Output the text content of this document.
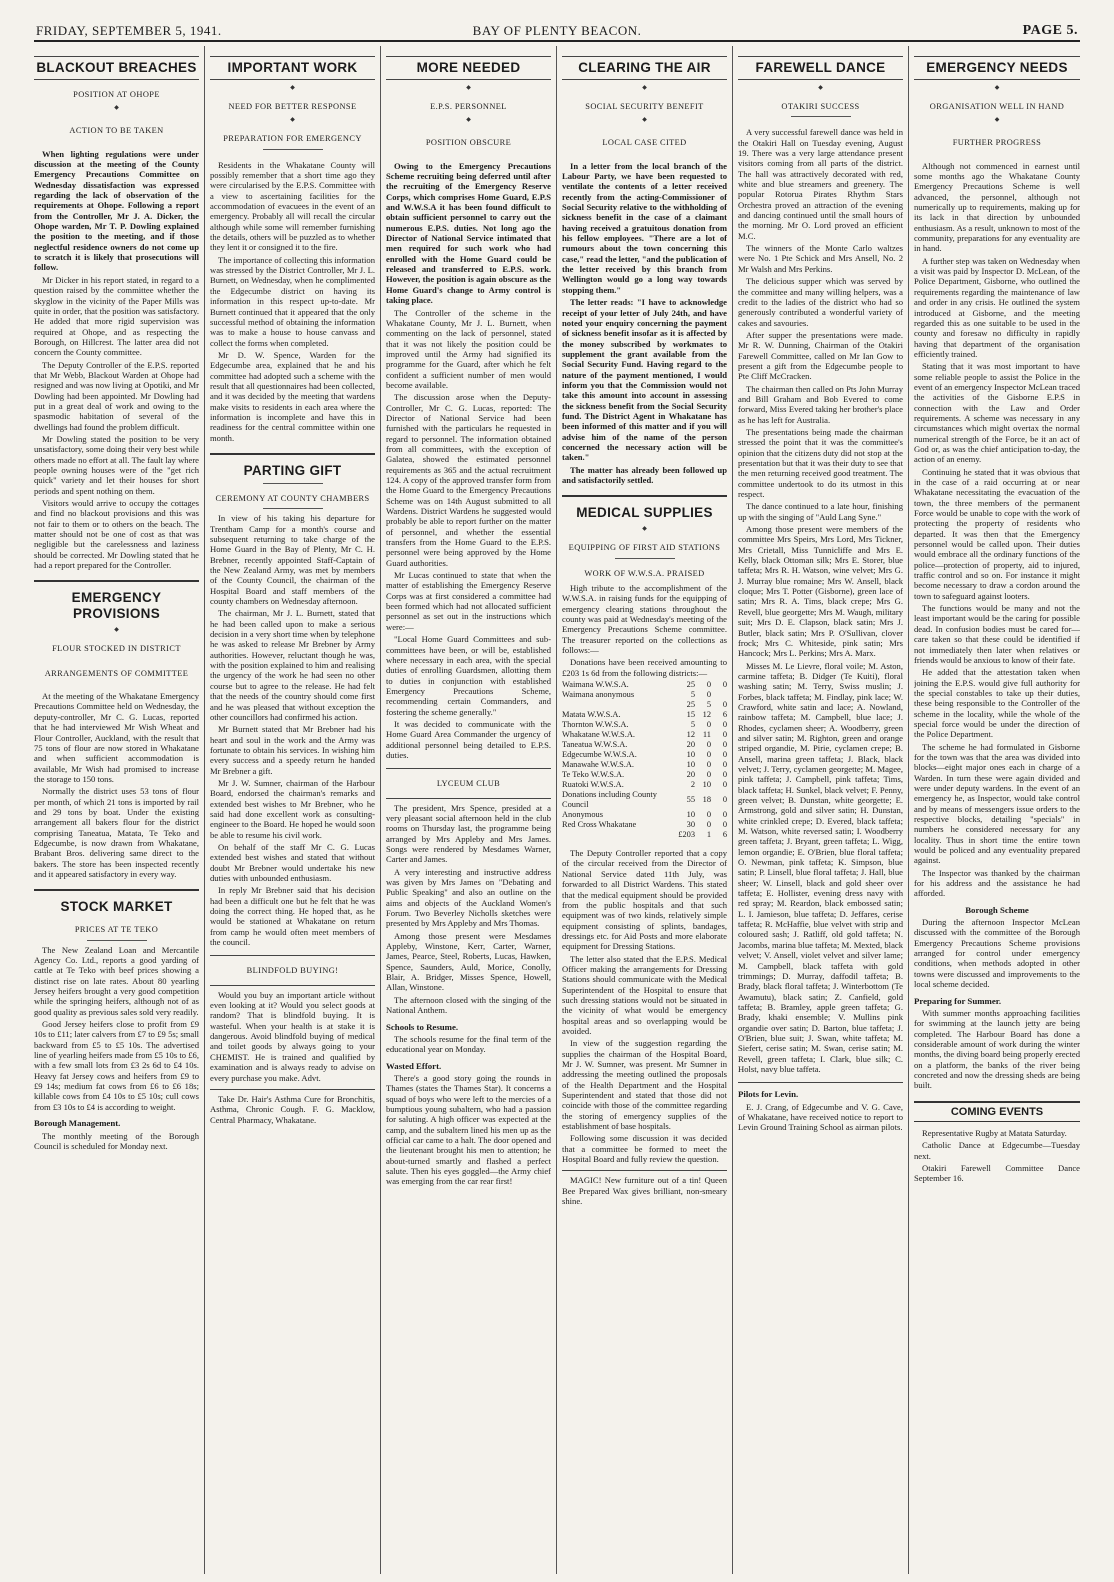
FRIDAY, SEPTEMBER 5, 1941.	BAY OF PLENTY BEACON.	PAGE 5.
BLACKOUT BREACHES
POSITION AT OHOPE
◆
ACTION TO BE TAKEN

When lighting regulations were under discussion at the meeting of the County Emergency Precautions Committee on Wednesday dissatisfaction was expressed regarding the lack of observation of the requirements at Ohope. Following a report from the Controller, Mr J. A. Dicker, the Ohope warden, Mr T. P. Dowling explained the position to the meeting, and if those neglectful residence owners do not come up to scratch it is likely that prosecutions will follow.

Mr Dicker in his report stated, in regard to a question raised by the committee whether the skyglow in the vicinity of the Paper Mills was quite in order, that the position was satisfactory. He added that more rigid supervision was required at Ohope, and as respecting the Borough, on Hillcrest. The latter area did not concern the County committee.

The Deputy Controller of the E.P.S. reported that Mr Webb, Blackout Warden at Ohope had resigned and was now living at Opotiki, and Mr Dowling had been appointed. Mr Dowling had put in a great deal of work and owing to the spasmodic habitation of several of the dwellings had found the problem difficult.

Mr Dowling stated the position to be very unsatisfactory, some doing their very best while others made no effort at all. The fault lay where people owning houses were of the "get rich quick" variety and let their houses for short periods and spent nothing on them.

Visitors would arrive to occupy the cottages and find no blackout provisions and this was not fair to them or to others on the beach. The matter should not be one of cost as that was negligible but the carelessness and laziness should be corrected. Mr Dowling stated that he had a report prepared for the Controller.

EMERGENCY PROVISIONS
◆
FLOUR STOCKED IN DISTRICT
ARRANGEMENTS OF COMMITTEE

At the meeting of the Whakatane Emergency Precautions Committee held on Wednesday, the deputy-controller, Mr C. G. Lucas, reported that he had interviewed Mr Wish Wheat and Flour Controller, Auckland, with the result that 75 tons of flour are now stored in Whakatane and when sufficient accommodation is available, Mr Wish had promised to increase the storage to 150 tons.

Normally the district uses 53 tons of flour per month, of which 21 tons is imported by rail and 29 tons by boat. Under the existing arrangement all bakers flour for the district comprising Taneatua, Matata, Te Teko and Edgecumbe, is now drawn from Whakatane, Brabant Bros. delivering same direct to the bakers. The store has been inspected recently and it appeared satisfactory in every way.

STOCK MARKET
PRICES AT TE TEKO

The New Zealand Loan and Mercantile Agency Co. Ltd., reports a good yarding of cattle at Te Teko with beef prices showing a distinct rise on late rates. About 80 yearling Jersey heifers brought a very good competition while the springing heifers, although not of as good quality as previous sales sold very readily.

Good Jersey heifers close to profit from £9 10s to £11; later calvers from £7 to £9 5s; small backward from £5 to £5 10s. The advertised line of yearling heifers made from £5 10s to £6, with a few small lots from £3 2s 6d to £4 10s. Heavy fat Jersey cows and heifers from £9 to £9 14s; medium fat cows from £6 to £6 18s; killable cows from £4 10s to £5 10s; cull cows from £3 10s to £4 is according to weight.

Borough Management.

The monthly meeting of the Borough Council is scheduled for Monday next.

IMPORTANT WORK
◆
NEED FOR BETTER RESPONSE
◆
PREPARATION FOR EMERGENCY

Residents in the Whakatane County will possibly remember that a short time ago they were circularised by the E.P.S. Committee with a view to ascertaining facilities for the accommodation of evacuees in the event of an emergency. Probably all will recall the circular although while some will remember furnishing the details, others will be puzzled as to whether they lent it or consigned it to the fire.

The importance of collecting this information was stressed by the District Controller, Mr J. L. Burnett, on Wednesday, when he complimented the Edgecumbe district on having its information in this respect up-to-date. Mr Burnett continued that it appeared that the only successful method of obtaining the information was to make a house to house canvass and collect the forms when completed.

Mr D. W. Spence, Warden for the Edgecumbe area, explained that he and his committee had adopted such a scheme with the result that all questionnaires had been collected, and it was decided by the meeting that wardens make visits to residents in each area where the information is incomplete and have this in readiness for the central committee within one month.

PARTING GIFT
CEREMONY AT COUNTY CHAMBERS

In view of his taking his departure for Trentham Camp for a month's course and subsequent returning to take charge of the Home Guard in the Bay of Plenty, Mr C. H. Brebner, recently appointed Staff-Captain of the New Zealand Army, was met by members of the County Council, the chairman of the Hospital Board and staff members of the county chambers on Wednesday afternoon.

The chairman, Mr J. L. Burnett, stated that he had been called upon to make a serious decision in a very short time when by telephone he was asked to release Mr Brebner by Army authorities. However, reluctant though he was, with the position explained to him and realising the urgency of the work he had seen no other course but to agree to the release. He had felt that the needs of the country should come first and he was pleased that without exception the other councillors had confirmed his action.

Mr Burnett stated that Mr Brebner had his heart and soul in the work and the Army was fortunate to obtain his services. In wishing him every success and a speedy return he handed Mr Brebner a gift.

Mr J. W. Sumner, chairman of the Harbour Board, endorsed the chairman's remarks and extended best wishes to Mr Brebner, who he said had done excellent work as consulting-engineer to the Board. He hoped he would soon be able to resume his civil work.

On behalf of the staff Mr C. G. Lucas extended best wishes and stated that without doubt Mr Brebner would undertake his new duties with unbounded enthusiasm.

In reply Mr Brebner said that his decision had been a difficult one but he felt that he was doing the correct thing. He hoped that, as he would be stationed at Whakatane on return from camp he would often meet members of the council.

BLINDFOLD BUYING!

Would you buy an important article without even looking at it? Would you select goods at random? That is blindfold buying. It is wasteful. When your health is at stake it is dangerous. Avoid blindfold buying of medical and toilet goods by always going to your CHEMIST. He is trained and qualified by examination and is always ready to advise on every purchase you make. Advt.

Take Dr. Hair's Asthma Cure for Bronchitis, Asthma, Chronic Cough. F. G. Macklow, Central Pharmacy, Whakatane.

MORE NEEDED
◆
E.P.S. PERSONNEL
◆
POSITION OBSCURE

Owing to the Emergency Precautions Scheme recruiting being deferred until after the recruiting of the Emergency Reserve Corps, which comprises Home Guard, E.P.S and W.W.S.A it has been found difficult to obtain sufficient personnel to carry out the numerous E.P.S. duties. Not long ago the Director of National Service intimated that men required for such work who had enrolled with the Home Guard could be released and transferred to E.P.S. work. However, the position is again obscure as the Home Guard's change to Army control is taking place.

The Controller of the scheme in the Whakatane County, Mr J. L. Burnett, when commenting on the lack of personnel, stated that it was not likely the position could be improved until the Army had signified its programme for the Guard, after which he felt confident a sufficient number of men would become available.

The discussion arose when the Deputy-Controller, Mr C. G. Lucas, reported: The Director of National Service had been furnished with the particulars he requested in regard to personnel. The information obtained from all committees, with the exception of Galatea, showed the estimated personnel requirements as 365 and the actual recruitment 124. A copy of the approved transfer form from the Home Guard to the Emergency Precautions Scheme was on 14th August submitted to all Wardens. District Wardens he suggested would probably be able to report further on the matter of personnel, and whether the essential transfers from the Home Guard to the E.P.S. personnel were being approved by the Home Guard authorities.

Mr Lucas continued to state that when the matter of establishing the Emergency Reserve Corps was at first considered a committee had been formed which had not allocated sufficient personnel as set out in the instructions which were:—

"Local Home Guard Committees and sub-committees have been, or will be, established where necessary in each area, with the special duties of enrolling Guardsmen, allotting them to duties in conjunction with established Emergency Precautions Scheme, recommending certain Commanders, and fostering the scheme generally."

It was decided to communicate with the Home Guard Area Commander the urgency of additional personnel being detailed to E.P.S. duties.

LYCEUM CLUB

The president, Mrs Spence, presided at a very pleasant social afternoon held in the club rooms on Thursday last, the programme being arranged by Mrs Appleby and Mrs James. Songs were rendered by Mesdames Warner, Carter and James.

A very interesting and instructive address was given by Mrs James on "Debating and Public Speaking" and also an outline on the aims and objects of the Auckland Women's Forum. Two Beverley Nicholls sketches were presented by Mrs Appleby and Mrs Thomas.

Among those present were Mesdames Appleby, Winstone, Kerr, Carter, Warner, James, Pearce, Steel, Roberts, Lucas, Hawken, Spence, Saunders, Auld, Morice, Conolly, Blair, A. Bridger, Misses Spence, Howell, Allan, Winstone.

The afternoon closed with the singing of the National Anthem.

Schools to Resume.

The schools resume for the final term of the educational year on Monday.

Wasted Effort.

There's a good story going the rounds in Thames (states the Thames Star). It concerns a squad of boys who were left to the mercies of a bumptious young subaltern, who had a passion for saluting. A high officer was expected at the camp, and the subaltern lined his men up as the official car came to a halt. The door opened and the lieutenant brought his men to attention; he about-turned smartly and flashed a perfect salute. Then his eyes goggled—the Army chief was emerging from the car rear first!

CLEARING THE AIR
◆
SOCIAL SECURITY BENEFIT
◆
LOCAL CASE CITED

In a letter from the local branch of the Labour Party, we have been requested to ventilate the contents of a letter received recently from the acting-Commissioner of Social Security relative to the withholding of sickness benefit in the case of a claimant having received a gratuitous donation from his fellow employees. "There are a lot of rumours about the town concerning this case," read the letter, "and the publication of the letter received by this branch from Wellington would go a long way towards stopping them."

The letter reads: "I have to acknowledge receipt of your letter of July 24th, and have noted your enquiry concerning the payment of sickness benefit insofar as it is affected by the money subscribed by workmates to supplement the grant available from the Social Security Fund. Having regard to the nature of the payment mentioned, I would inform you that the Commission would not take this amount into account in assessing the sickness benefit from the Social Security fund. The District Agent in Whakatane has been informed of this matter and if you will advise him of the name of the person concerned the necessary action will be taken."

The matter has already been followed up and satisfactorily settled.

MEDICAL SUPPLIES
◆
EQUIPPING OF FIRST AID STATIONS
WORK OF W.W.S.A. PRAISED

High tribute to the accomplishment of the W.W.S.A. in raising funds for the equipping of emergency clearing stations throughout the county was paid at Wednesday's meeting of the Emergency Precautions Scheme committee. The treasurer reported on the collections as follows:—

Donations have been received amounting to £203 1s 6d from the following districts:—

Waimana W.W.S.A.	25	0	0
Waimana anonymous	5	0	
	25	5	0
Matata W.W.S.A.	15	12	6
Thornton W.W.S.A.	5	0	0
Whakatane W.W.S.A.	12	11	0
Taneatua W.W.S.A.	20	0	0
Edgecumbe W.W.S.A.	10	0	0
Manawahe W.W.S.A.	10	0	0
Te Teko W.W.S.A.	20	0	0
Ruatoki W.W.S.A.	2	10	0
Donations including County Council	55	18	0
Anonymous	10	0	0
Red Cross Whakatane	30	0	0
	£203	1	6

The Deputy Controller reported that a copy of the circular received from the Director of National Service dated 11th July, was forwarded to all District Wardens. This stated that the medical equipment should be provided from the public hospitals and that such equipment was of two kinds, relatively simple equipment consisting of splints, bandages, dressings etc. for Aid Posts and more elaborate equipment for Dressing Stations.

The letter also stated that the E.P.S. Medical Officer making the arrangements for Dressing Stations should communicate with the Medical Superintendent of the Hospital to ensure that such dressing stations would not be situated in the vicinity of what would be emergency hospital areas and so overlapping would be avoided.

In view of the suggestion regarding the supplies the chairman of the Hospital Board, Mr J. W. Sumner, was present. Mr Sumner in addressing the meeting outlined the proposals of the Health Department and the Hospital Superintendent and stated that those did not coincide with those of the committee regarding the storing of emergency supplies of the establishment of base hospitals.

Following some discussion it was decided that a committee be formed to meet the Hospital Board and fully review the question.

MAGIC! New furniture out of a tin! Queen Bee Prepared Wax gives brilliant, non-smeary shine.

FAREWELL DANCE
◆
OTAKIRI SUCCESS

A very successful farewell dance was held in the Otakiri Hall on Tuesday evening, August 19. There was a very large attendance present visitors coming from all parts of the district. The hall was attractively decorated with red, white and blue streamers and greenery. The popular Rotorua Pirates Rhythm Stars Orchestra proved an attraction of the evening and dancing continued until the small hours of the morning. Mr O. Lord proved an efficient M.C.

The winners of the Monte Carlo waltzes were No. 1 Pte Schick and Mrs Ansell, No. 2 Mr Walsh and Mrs Perkins.

The delicious supper which was served by the committee and many willing helpers, was a credit to the ladies of the district who had so generously contributed a wonderful variety of cakes and savouries.

After supper the presentations were made. Mr R. W. Dunning, Chairman of the Otakiri Farewell Committee, called on Mr Ian Gow to present a gift from the Edgecumbe people to Pte Cliff McCracken.

The chairman then called on Pts John Murray and Bill Graham and Bob Evered to come forward, Miss Evered taking her brother's place as he has left for Australia.

The presentations being made the chairman stressed the point that it was the committee's opinion that the citizens duty did not stop at the presentation but that it was their duty to see that the men returning received good treatment. The committee undertook to do its utmost in this respect.

The dance continued to a late hour, finishing up with the singing of "Auld Lang Syne."

Among those present were members of the committee Mrs Speirs, Mrs Lord, Mrs Tickner, Mrs Crietall, Miss Tunnicliffe and Mrs E. Kelly, black Ottoman silk; Mrs E. Storer, blue taffeta; Mrs R. H. Watson, wine velvet; Mrs G. J. Murray blue romaine; Mrs W. Ansell, black cloque; Mrs T. Potter (Gisborne), green lace of satin; Mrs R. A. Tims, black crepe; Mrs G. Revell, blue georgette; Mrs M. Waugh, military suit; Mrs D. E. Clapson, black satin; Mrs J. Butler, black satin; Mrs P. O'Sullivan, clover frock; Mrs C. Whiteside, pink satin; Mrs Hancock; Mrs L. Perkins; Mrs A. Marx.

Misses M. Le Lievre, floral voile; M. Aston, carmine taffeta; B. Didger (Te Kuiti), floral washing satin; M. Terry, Swiss muslin; J. Forbes, black taffeta; M. Findlay, pink lace; W. Crawford, white satin and lace; A. Nowland, rainbow taffeta; M. Campbell, blue lace; J. Rhodes, cyclamen sheer; A. Woodberry, green and silver satin; M. Righton, green and orange striped organdie, M. Pirie, cyclamen crepe; B. Ansell, marina green taffeta; J. Black, black velvet; J. Terry, cyclamen georgette; M. Magee, pink taffeta; J. Campbell, pink taffeta; Tims, black taffeta; H. Sunkel, black velvet; F. Penny, green velvet; B. Dunstan, white georgette; E. Armstrong, gold and silver satin; H. Dunstan, white crinkled crepe; D. Evered, black taffeta; M. Watson, white reversed satin; I. Woodberry green taffeta; J. Bryant, green taffeta; L. Wigg, lemon organdie; E. O'Brien, blue floral taffeta; O. Newman, pink taffeta; K. Simpson, blue satin; P. Linsell, blue floral taffeta; J. Hall, blue sheer; W. Linsell, black and gold sheer over taffeta; E. Hollister, evening dress navy with red spray; M. Reardon, black embossed satin; L. I. Jamieson, blue taffeta; D. Jeffares, cerise taffeta; R. McHaffie, blue velvet with strip and coloured sash; J. Ratliff, old gold taffeta; N. Jacombs, marina blue taffeta; M. Mexted, black velvet; V. Ansell, violet velvet and silver lame; M. Campbell, black taffeta with gold trimmings; D. Murray, daffodil taffeta; B. Brady, black floral taffeta; J. Winterbottom (Te Awamutu), black satin; Z. Canfield, gold taffeta; B. Bramley, apple green taffeta; G. Brady, khaki ensemble; V. Mullins pink organdie over satin; D. Barton, blue taffeta; J. O'Brien, blue suit; J. Swan, white taffeta; M. Siefert, cerise satin; M. Swan, cerise satin; M. Revell, green taffeta; I. Clark, blue silk; C. Holst, navy blue taffeta.

Pilots for Levin.

E. J. Crang, of Edgecumbe and V. G. Cave, of Whakatane, have received notice to report to Levin Ground Training School as airman pilots.

EMERGENCY NEEDS
◆
ORGANISATION WELL IN HAND
◆
FURTHER PROGRESS

Although not commenced in earnest until some months ago the Whakatane County Emergency Precautions Scheme is well advanced, the personnel, although not numerically up to requirements, making up for its lack in that direction by unbounded enthusiasm. As a result, unknown to most of the community, preparations for any eventuality are in hand.

A further step was taken on Wednesday when a visit was paid by Inspector D. McLean, of the Police Department, Gisborne, who outlined the requirements regarding the maintenance of law and order in any crisis. He outlined the system introduced at Gisborne, and the meeting regarded this as one suitable to be used in the county and foresaw no difficulty in rapidly having that department of the organisation efficiently trained.

Stating that it was most important to have some reliable people to assist the Police in the event of an emergency Inspector McLean traced the activities of the Gisborne E.P.S in connection with the Law and Order requirements. A scheme was necessary in any circumstances which might overtax the normal numerical strength of the Force, be it an act of God or, as was the chief anticipation to-day, the action of an enemy.

Continuing he stated that it was obvious that in the case of a raid occurring at or near Whakatane necessitating the evacuation of the town, the three members of the permanent Force would be unable to cope with the work of protecting the property of residents who departed. It was then that the Emergency personnel would be called upon. Their duties would embrace all the ordinary functions of the police—protection of property, aid to injured, traffic control and so on. For instance it might become necessary to draw a cordon around the town to safeguard against looters.

The functions would be many and not the least important would be the caring for possible dead. In confusion bodies must be cared for—care taken so that these could be identified if not immediately then later when relatives or friends would be anxious to know of their fate.

He added that the attestation taken when joining the E.P.S. would give full authority for the special constables to take up their duties, these being responsible to the Controller of the scheme in the locality, while the whole of the special force would be under the direction of the Police Department.

The scheme he had formulated in Gisborne for the town was that the area was divided into blocks—eight major ones each in charge of a Warden. In turn these were again divided and were under deputy wardens. In the event of an emergency he, as Inspector, would take control and by means of messengers issue orders to the respective blocks, detailing "specials" in numbers he considered necessary for any locality. Thus in short time the entire town would be policed and any eventuality prepared against.

The Inspector was thanked by the chairman for his address and the assistance he had afforded.

Borough Scheme

During the afternoon Inspector McLean discussed with the committee of the Borough Emergency Precautions Scheme provisions arranged for control under emergency conditions, when methods adopted in other towns were discussed and improvements to the local scheme decided.

Preparing for Summer.

With summer months approaching facilities for swimming at the launch jetty are being completed. The Harbour Board has done a considerable amount of work during the winter months, the diving board being properly erected on a platform, the banks of the river being concreted and now the dressing sheds are being built.

COMING EVENTS

Representative Rugby at Matata Saturday.

Catholic Dance at Edgecumbe—Tuesday next.

Otakiri Farewell Committee Dance September 16.
